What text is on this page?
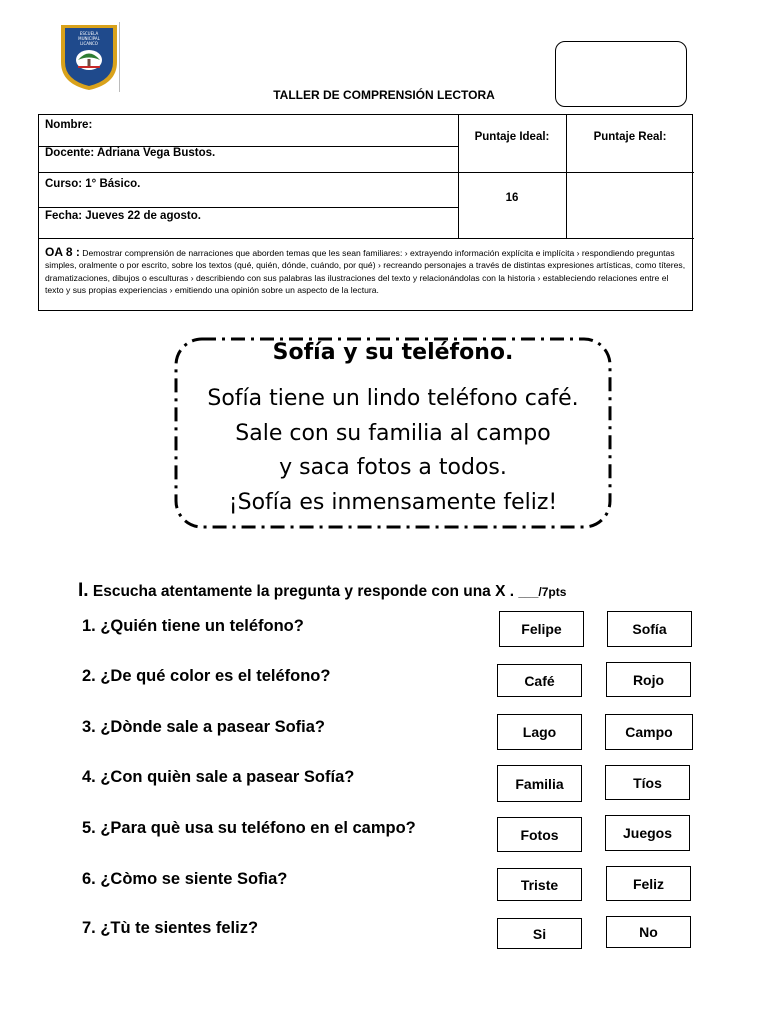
ESCUELA
MUNICIPAL
LICANCO
TALLER DE COMPRENSIÓN LECTORA
Nombre:
Docente: Adriana Vega Bustos.
Curso: 1° Básico.
Fecha: Jueves 22 de agosto.
Puntaje Ideal:	Puntaje Real:
16
OA 8 : Demostrar comprensión de narraciones que aborden temas que les sean familiares: › extrayendo información explícita e implícita › respondiendo preguntas simples, oralmente o por escrito, sobre los textos (qué, quién, dónde, cuándo, por qué) › recreando personajes a través de distintas expresiones artísticas, como títeres, dramatizaciones, dibujos o esculturas › describiendo con sus palabras las ilustraciones del texto y relacionándolas con la historia › estableciendo relaciones entre el texto y sus propias experiencias › emitiendo una opinión sobre un aspecto de la lectura.
Sofía y su teléfono.
Sofía tiene un lindo teléfono café.
Sale con su familia al campo
y saca fotos a todos.
¡Sofía es inmensamente feliz!
I. Escucha atentamente la pregunta y responde con una X . ___/7pts
1. ¿Quién tiene un teléfono?	Felipe	Sofía
2. ¿De qué color es el teléfono?	Café	Rojo
3. ¿Dònde sale a pasear Sofia?	Lago	Campo
4. ¿Con quièn sale a pasear Sofía?	Familia	Tíos
5. ¿Para què usa su teléfono en el campo?	Fotos	Juegos
6. ¿Còmo se siente Sofìa?	Triste	Feliz
7. ¿Tù te sientes feliz?	Si	No
